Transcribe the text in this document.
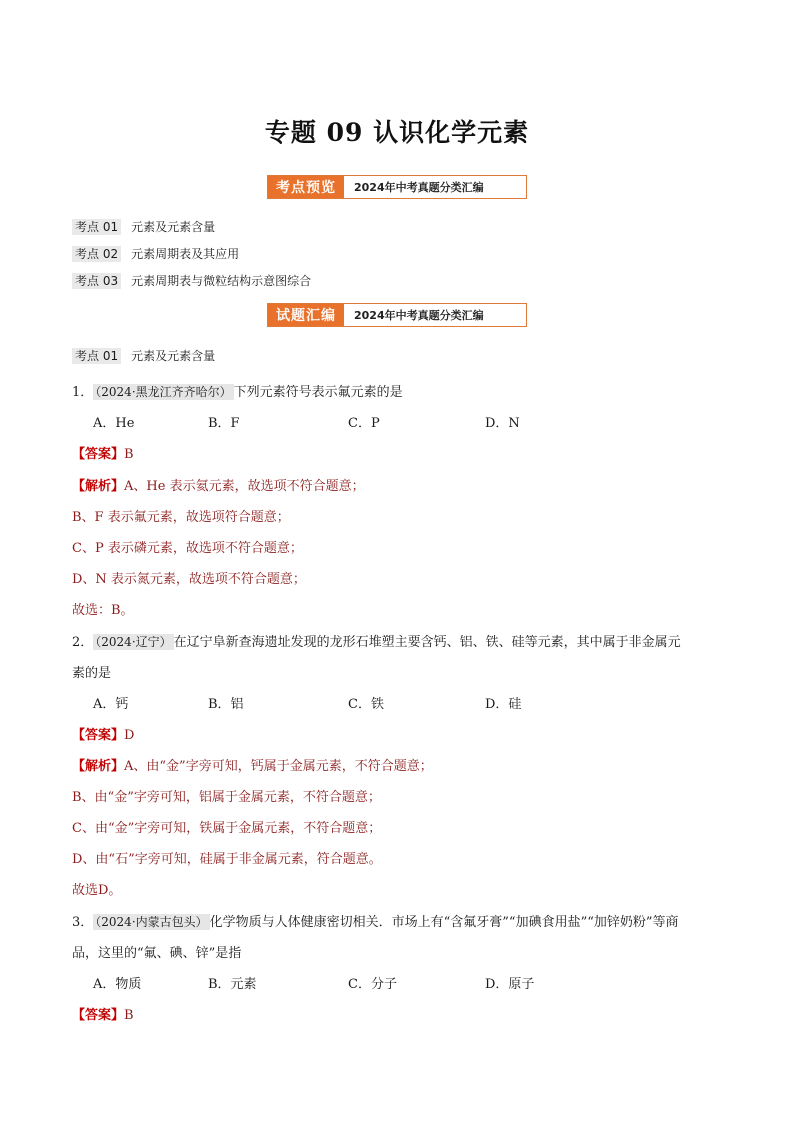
专题 09 认识化学元素
考点预览	2024年中考真题分类汇编
考点 01 元素及元素含量
考点 02 元素周期表及其应用
考点 03 元素周期表与微粒结构示意图综合
试题汇编	2024年中考真题分类汇编
考点 01 元素及元素含量
1． （2024·黑龙江齐齐哈尔） 下列元素符号表示氟元素的是
A．He	B．F	C．P	D．N
【答案】B
【解析】A、He 表示氦元素，故选项不符合题意；
B、F 表示氟元素，故选项符合题意；
C、P 表示磷元素，故选项不符合题意；
D、N 表示氮元素，故选项不符合题意；
故选：B。
2． （2024·辽宁） 在辽宁阜新查海遗址发现的龙形石堆塑主要含钙、铝、铁、硅等元素，其中属于非金属元
素的是
A．钙	B．铝	C．铁	D．硅
【答案】D
【解析】A、由“金”字旁可知，钙属于金属元素，不符合题意；
B、由“金”字旁可知，铝属于金属元素，不符合题意；
C、由“金”字旁可知，铁属于金属元素，不符合题意；
D、由“石”字旁可知，硅属于非金属元素，符合题意。
故选D。
3． （2024·内蒙古包头） 化学物质与人体健康密切相关．市场上有“含氟牙膏”“加碘食用盐”“加锌奶粉”等商
品，这里的“氟、碘、锌”是指
A．物质	B．元素	C．分子	D．原子
【答案】B
